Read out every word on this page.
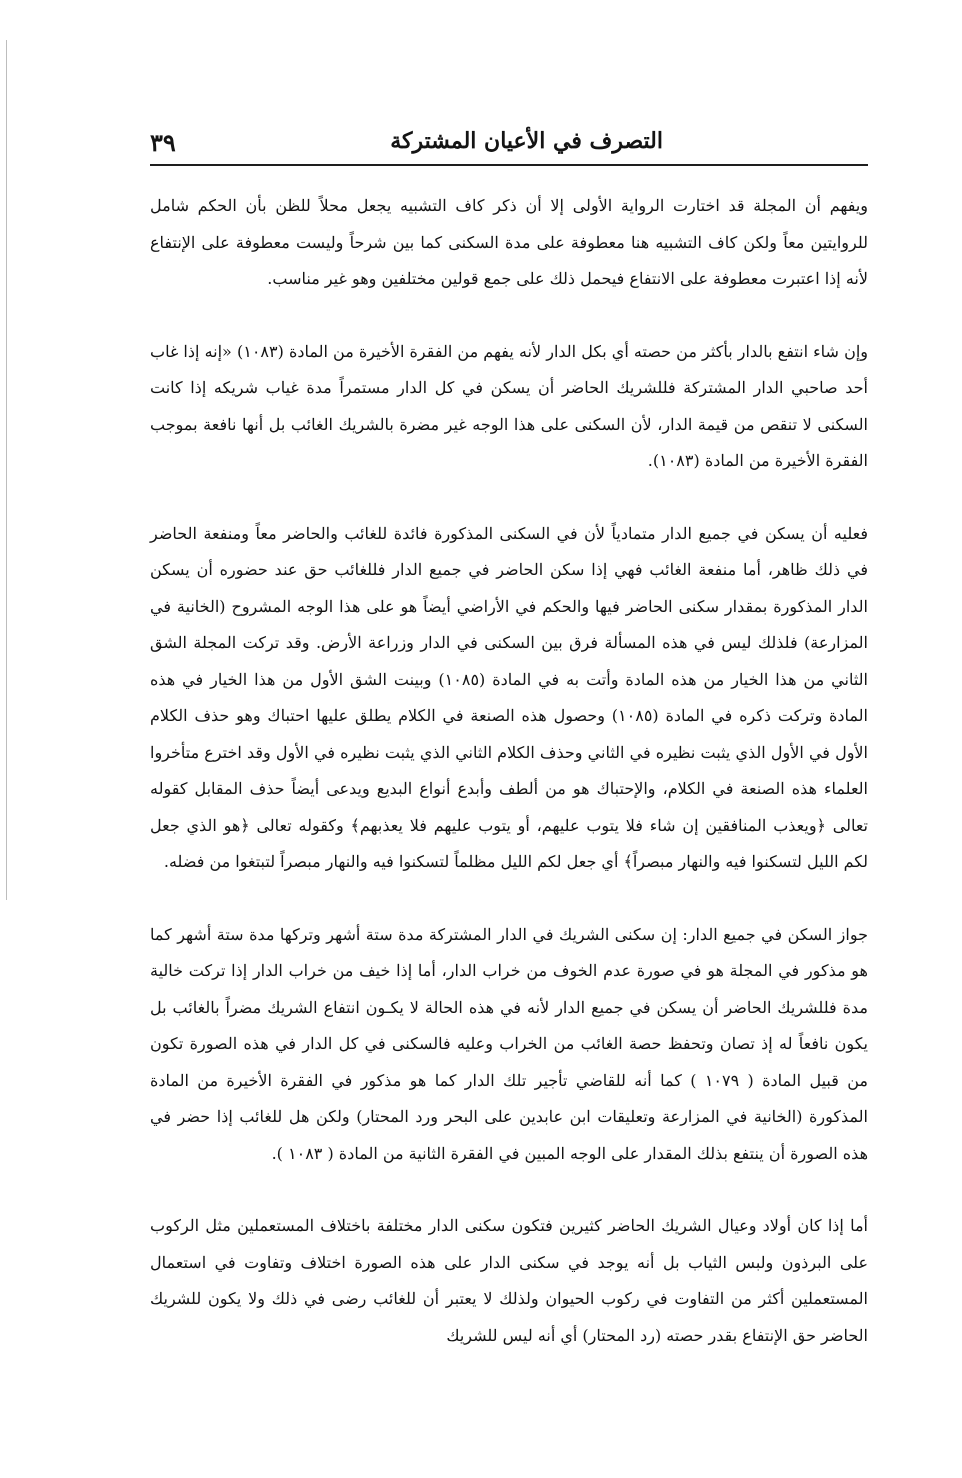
التصرف في الأعيان المشتركة
٣٩

ويفهم أن المجلة قد اختارت الرواية الأولى إلا أن ذكر كاف التشبيه يجعل محلاً للظن بأن الحكم شامل للروايتين معاً ولكن كاف التشبيه هنا معطوفة على مدة السكنى كما بين شرحاً وليست معطوفة على الإنتفاع لأنه إذا اعتبرت معطوفة على الانتفاع فيحمل ذلك على جمع قولين مختلفين وهو غير مناسب.

وإن شاء انتفع بالدار بأكثر من حصته أي بكل الدار لأنه يفهم من الفقرة الأخيرة من المادة (١٠٨٣) «إنه إذا غاب أحد صاحبي الدار المشتركة فللشريك الحاضر أن يسكن في كل الدار مستمراً مدة غياب شريكه إذا كانت السكنى لا تنقص من قيمة الدار، لأن السكنى على هذا الوجه غير مضرة بالشريك الغائب بل أنها نافعة بموجب الفقرة الأخيرة من المادة (١٠٨٣).

فعليه أن يسكن في جميع الدار متمادياً لأن في السكنى المذكورة فائدة للغائب والحاضر معاً ومنفعة الحاضر في ذلك ظاهر، أما منفعة الغائب فهي إذا سكن الحاضر في جميع الدار فللغائب حق عند حضوره أن يسكن الدار المذكورة بمقدار سكنى الحاضر فيها والحكم في الأراضي أيضاً هو على هذا الوجه المشروح (الخانية في المزارعة) فلذلك ليس في هذه المسألة فرق بين السكنى في الدار وزراعة الأرض. وقد تركت المجلة الشق الثاني من هذا الخيار من هذه المادة وأتت به في المادة (١٠٨٥) وبينت الشق الأول من هذا الخيار في هذه المادة وتركت ذكره في المادة (١٠٨٥) وحصول هذه الصنعة في الكلام يطلق عليها احتباك وهو حذف الكلام الأول في الأول الذي يثبت نظيره في الثاني وحذف الكلام الثاني الذي يثبت نظيره في الأول وقد اخترع متأخروا العلماء هذه الصنعة في الكلام، والإحتباك هو من ألطف وأبدع أنواع البديع ويدعى أيضاً حذف المقابل كقوله تعالى ﴿ويعذب المنافقين إن شاء فلا يتوب عليهم، أو يتوب عليهم فلا يعذبهم﴾ وكقوله تعالى ﴿هو الذي جعل لكم الليل لتسكنوا فيه والنهار مبصراً﴾ أي جعل لكم الليل مظلماً لتسكنوا فيه والنهار مبصراً لتبتغوا من فضله.

جواز السكن في جميع الدار: إن سكنى الشريك في الدار المشتركة مدة ستة أشهر وتركها مدة ستة أشهر كما هو مذكور في المجلة هو في صورة عدم الخوف من خراب الدار، أما إذا خيف من خراب الدار إذا تركت خالية مدة فللشريك الحاضر أن يسكن في جميع الدار لأنه في هذه الحالة لا يكـون انتفاع الشريك مضراً بالغائب بل يكون نافعاً له إذ تصان وتحفظ حصة الغائب من الخراب وعليه فالسكنى في كل الدار في هذه الصورة تكون من قبيل المادة ( ١٠٧٩ ) كما أنه للقاضي تأجير تلك الدار كما هو مذكور في الفقرة الأخيرة من المادة المذكورة (الخانية في المزارعة وتعليقات ابن عابدين على البحر ورد المحتار) ولكن هل للغائب إذا حضر في هذه الصورة أن ينتفع بذلك المقدار على الوجه المبين في الفقرة الثانية من المادة ( ١٠٨٣ ).

أما إذا كان أولاد وعيال الشريك الحاضر كثيرين فتكون سكنى الدار مختلفة باختلاف المستعملين مثل الركوب على البرذون ولبس الثياب بل أنه يوجد في سكنى الدار على هذه الصورة اختلاف وتفاوت في استعمال المستعملين أكثر من التفاوت في ركوب الحيوان ولذلك لا يعتبر أن للغائب رضى في ذلك ولا يكون للشريك الحاضر حق الإنتفاع بقدر حصته (رد المحتار) أي أنه ليس للشريك
